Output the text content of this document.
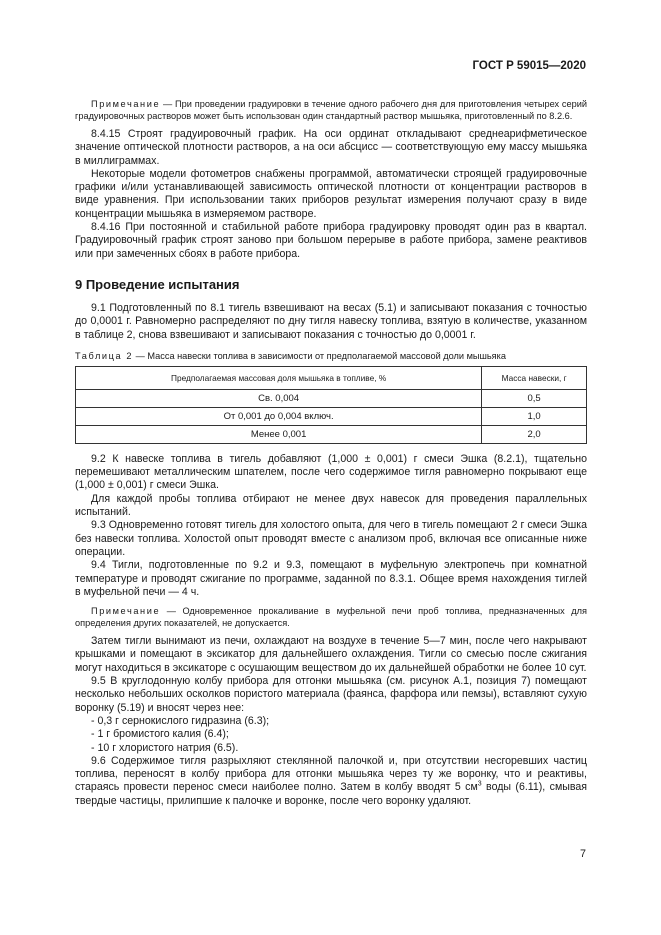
ГОСТ Р 59015—2020

Примечание — При проведении градуировки в течение одного рабочего дня для приготовления четырех серий градуировочных растворов может быть использован один стандартный раствор мышьяка, приготовленный по 8.2.6.

8.4.15 Строят градуировочный график. На оси ординат откладывают среднеарифметическое значение оптической плотности растворов, а на оси абсцисс — соответствующую ему массу мышьяка в миллиграммах.

Некоторые модели фотометров снабжены программой, автоматически строящей градуировочные графики и/или устанавливающей зависимость оптической плотности от концентрации растворов в виде уравнения. При использовании таких приборов результат измерения получают сразу в виде концентрации мышьяка в измеряемом растворе.

8.4.16 При постоянной и стабильной работе прибора градуировку проводят один раз в квартал. Градуировочный график строят заново при большом перерыве в работе прибора, замене реактивов или при замеченных сбоях в работе прибора.

9 Проведение испытания

9.1 Подготовленный по 8.1 тигель взвешивают на весах (5.1) и записывают показания с точностью до 0,0001 г. Равномерно распределяют по дну тигля навеску топлива, взятую в количестве, указанном в таблице 2, снова взвешивают и записывают показания с точностью до 0,0001 г.

Таблица 2 — Масса навески топлива в зависимости от предполагаемой массовой доли мышьяка
Предполагаемая массовая доля мышьяка в топливе, %	Масса навески, г
Св. 0,004	0,5
От 0,001 до 0,004 включ.	1,0
Менее 0,001	2,0

9.2 К навеске топлива в тигель добавляют (1,000 ± 0,001) г смеси Эшка (8.2.1), тщательно перемешивают металлическим шпателем, после чего содержимое тигля равномерно покрывают еще (1,000 ± 0,001) г смеси Эшка.

Для каждой пробы топлива отбирают не менее двух навесок для проведения параллельных испытаний.

9.3 Одновременно готовят тигель для холостого опыта, для чего в тигель помещают 2 г смеси Эшка без навески топлива. Холостой опыт проводят вместе с анализом проб, включая все описанные ниже операции.

9.4 Тигли, подготовленные по 9.2 и 9.3, помещают в муфельную электропечь при комнатной температуре и проводят сжигание по программе, заданной по 8.3.1. Общее время нахождения тиглей в муфельной печи — 4 ч.

Примечание — Одновременное прокаливание в муфельной печи проб топлива, предназначенных для определения других показателей, не допускается.

Затем тигли вынимают из печи, охлаждают на воздухе в течение 5—7 мин, после чего накрывают крышками и помещают в эксикатор для дальнейшего охлаждения. Тигли со смесью после сжигания могут находиться в эксикаторе с осушающим веществом до их дальнейшей обработки не более 10 сут.

9.5 В круглодонную колбу прибора для отгонки мышьяка (см. рисунок А.1, позиция 7) помещают несколько небольших осколков пористого материала (фаянса, фарфора или пемзы), вставляют сухую воронку (5.19) и вносят через нее:

- 0,3 г сернокислого гидразина (6.3);
- 1 г бромистого калия (6.4);
- 10 г хлористого натрия (6.5).

9.6 Содержимое тигля разрыхляют стеклянной палочкой и, при отсутствии несгоревших частиц топлива, переносят в колбу прибора для отгонки мышьяка через ту же воронку, что и реактивы, стараясь провести перенос смеси наиболее полно. Затем в колбу вводят 5 $см^3$ воды (6.11), смывая твердые частицы, прилипшие к палочке и воронке, после чего воронку удаляют.

7
